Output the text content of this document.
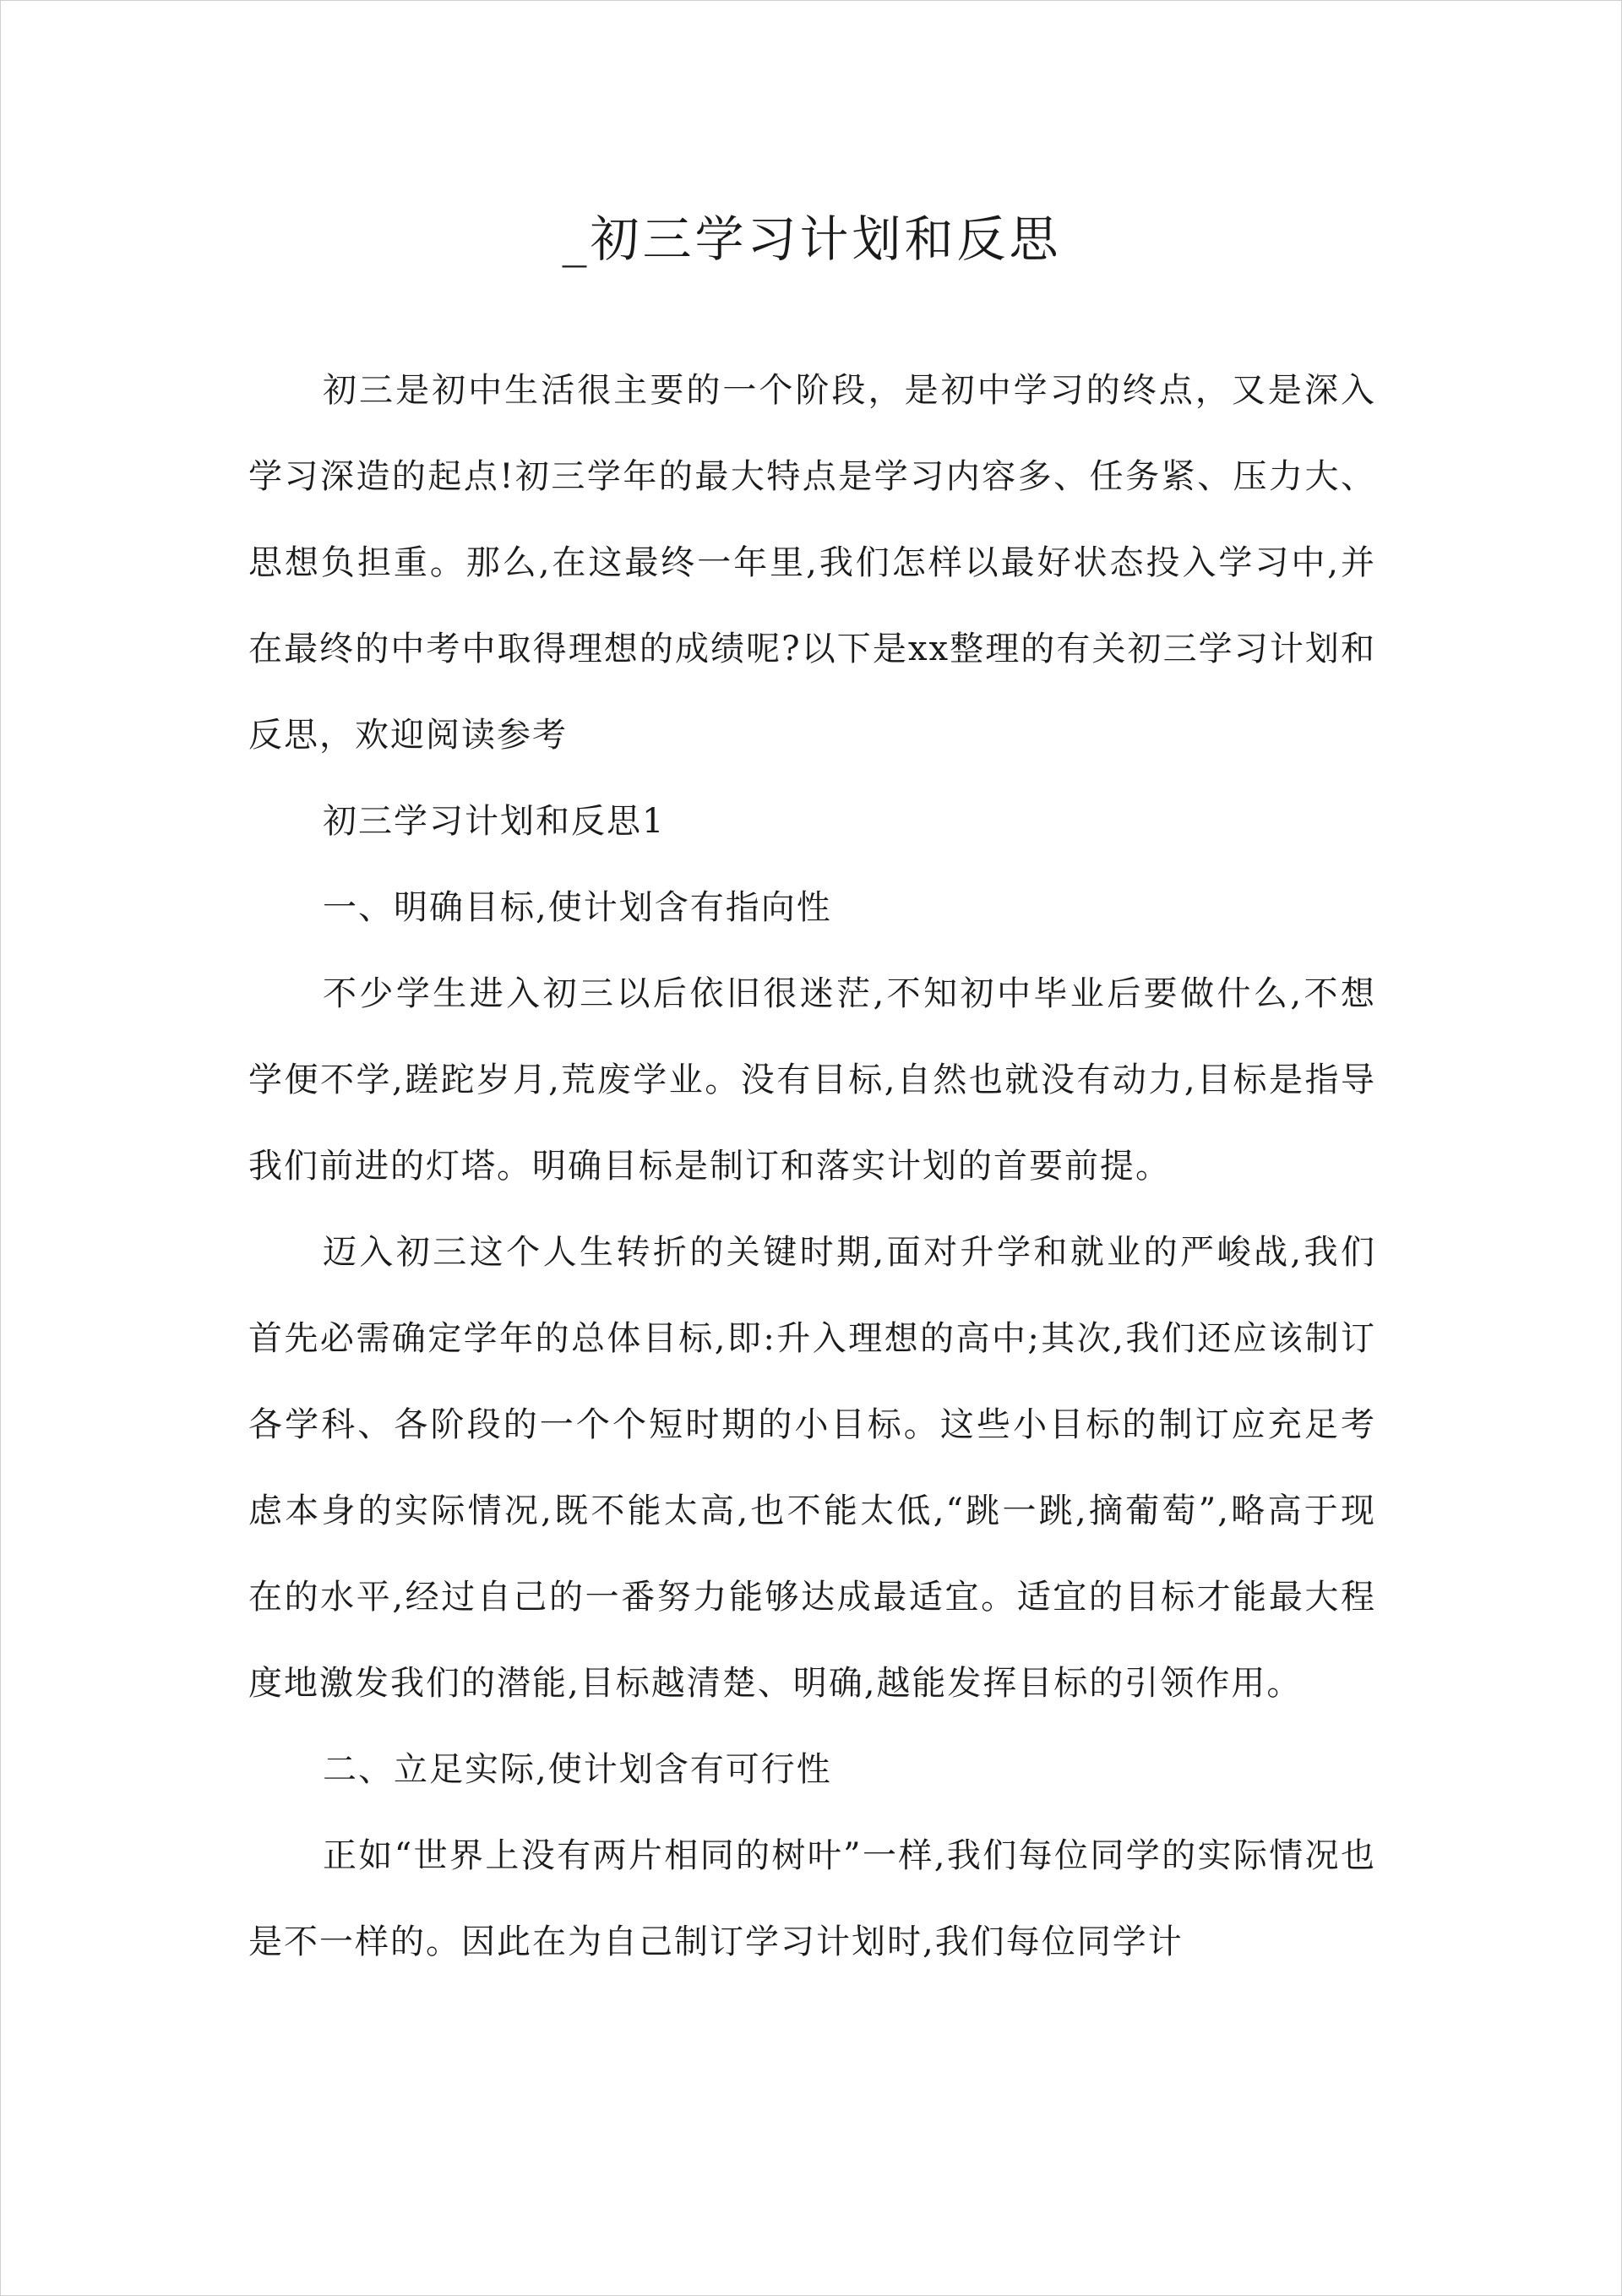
_初三学习计划和反思

初三是初中生活很主要的一个阶段，是初中学习的终点，又是深入学习深造的起点!初三学年的最大特点是学习内容多、任务紧、压力大、思想负担重。那么,在这最终一年里,我们怎样以最好状态投入学习中,并在最终的中考中取得理想的成绩呢?以下是xx整理的有关初三学习计划和反思，欢迎阅读参考

初三学习计划和反思1

一、明确目标,使计划含有指向性

不少学生进入初三以后依旧很迷茫,不知初中毕业后要做什么,不想学便不学,蹉跎岁月,荒废学业。没有目标,自然也就没有动力,目标是指导我们前进的灯塔。明确目标是制订和落实计划的首要前提。

迈入初三这个人生转折的关键时期,面对升学和就业的严峻战,我们首先必需确定学年的总体目标,即:升入理想的高中;其次,我们还应该制订各学科、各阶段的一个个短时期的小目标。这些小目标的制订应充足考虑本身的实际情况,既不能太高,也不能太低,“跳一跳,摘葡萄”,略高于现在的水平,经过自己的一番努力能够达成最适宜。适宜的目标才能最大程度地激发我们的潜能,目标越清楚、明确,越能发挥目标的引领作用。

二、立足实际,使计划含有可行性

正如“世界上没有两片相同的树叶”一样,我们每位同学的实际情况也是不一样的。因此在为自己制订学习计划时,我们每位同学计
